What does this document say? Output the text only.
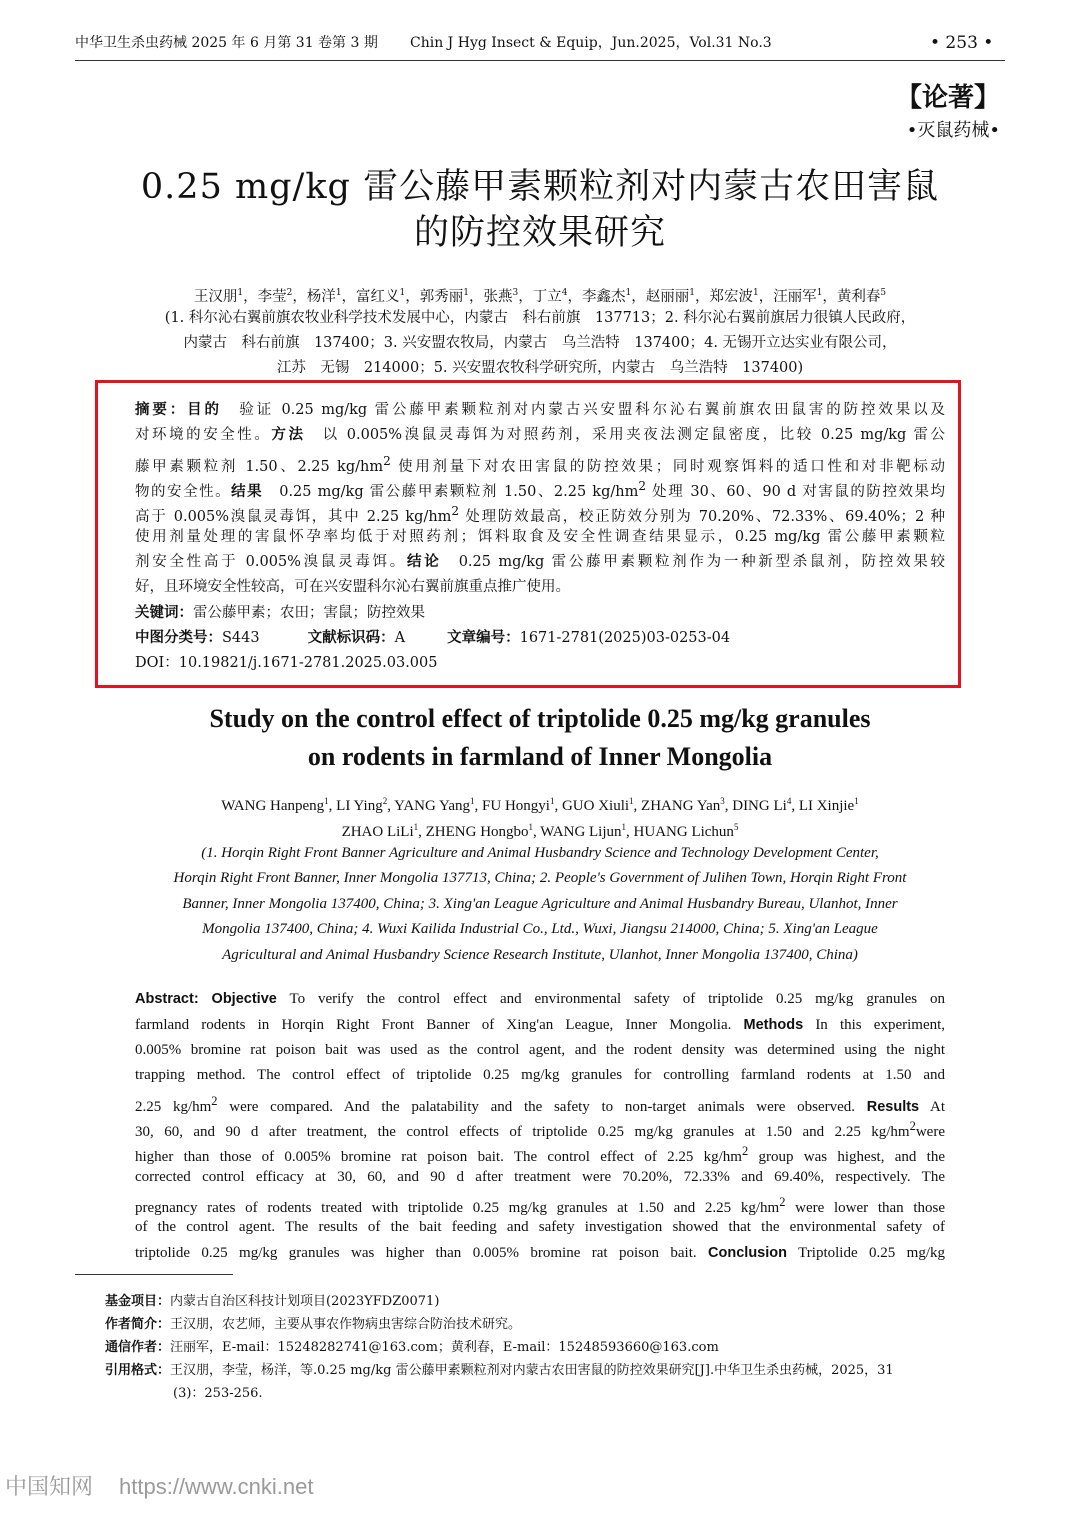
中华卫生杀虫药械 2025 年 6 月第 31 卷第 3 期 Chin J Hyg Insect & Equip，Jun.2025，Vol.31 No.3	• 253 •
【论著】
•灭鼠药械•
0.25 mg/kg 雷公藤甲素颗粒剂对内蒙古农田害鼠
的防控效果研究
王汉朋$^1$，李莹$^2$，杨洋$^1$，富红义$^1$，郭秀丽$^1$，张燕$^3$，丁立$^4$，李鑫杰$^1$，赵丽丽$^1$，郑宏波$^1$，汪丽军$^1$，黄利春$^5$
(1. 科尔沁右翼前旗农牧业科学技术发展中心，内蒙古　科右前旗　137713；2. 科尔沁右翼前旗居力很镇人民政府，
内蒙古　科右前旗　137400；3. 兴安盟农牧局，内蒙古　乌兰浩特　137400；4. 无锡开立达实业有限公司，
江苏　无锡　214000；5. 兴安盟农牧科学研究所，内蒙古　乌兰浩特　137400)
摘要：目的　 验证 0.25 mg/kg 雷公藤甲素颗粒剂对内蒙古兴安盟科尔沁右翼前旗农田鼠害的防控效果以及
对环境的安全性。方法　 以 0.005%溴鼠灵毒饵为对照药剂，采用夹夜法测定鼠密度，比较 0.25 mg/kg 雷公
藤甲素颗粒剂 1.50、2.25 $kg/hm^2$ 使用剂量下对农田害鼠的防控效果；同时观察饵料的适口性和对非靶标动
物的安全性。结果　 0.25 mg/kg 雷公藤甲素颗粒剂 1.50、2.25 $kg/hm^2$ 处理 30、60、90 d 对害鼠的防控效果均
高于 0.005%溴鼠灵毒饵，其中 2.25 $kg/hm^2$ 处理防效最高，校正防效分别为 70.20%、72.33%、69.40%；2 种
使用剂量处理的害鼠怀孕率均低于对照药剂；饵料取食及安全性调查结果显示，0.25 mg/kg 雷公藤甲素颗粒
剂安全性高于 0.005%溴鼠灵毒饵。结论　 0.25 mg/kg 雷公藤甲素颗粒剂作为一种新型杀鼠剂，防控效果较
好，且环境安全性较高，可在兴安盟科尔沁右翼前旗重点推广使用。
关键词：雷公藤甲素；农田；害鼠；防控效果
中图分类号：S443	文献标识码：A	文章编号：1671-2781(2025)03-0253-04
DOI：10.19821/j.1671-2781.2025.03.005
Study on the control effect of triptolide 0.25 mg/kg granules
on rodents in farmland of Inner Mongolia
WANG Hanpeng$^1$, LI Ying$^2$, YANG Yang$^1$, FU Hongyi$^1$, GUO Xiuli$^1$, ZHANG Yan$^3$, DING Li$^4$, LI Xinjie$^1$
ZHAO LiLi$^1$, ZHENG Hongbo$^1$, WANG Lijun$^1$, HUANG Lichun$^5$
(1. Horqin Right Front Banner Agriculture and Animal Husbandry Science and Technology Development Center,
Horqin Right Front Banner, Inner Mongolia 137713, China; 2. People's Government of Julihen Town, Horqin Right Front
Banner, Inner Mongolia 137400, China; 3. Xing'an League Agriculture and Animal Husbandry Bureau, Ulanhot, Inner
Mongolia 137400, China; 4. Wuxi Kailida Industrial Co., Ltd., Wuxi, Jiangsu 214000, China; 5. Xing'an League
Agricultural and Animal Husbandry Science Research Institute, Ulanhot, Inner Mongolia 137400, China)
Abstract: Objective To verify the control effect and environmental safety of triptolide 0.25 mg/kg granules on
farmland rodents in Horqin Right Front Banner of Xing'an League, Inner Mongolia. Methods In this experiment,
0.005% bromine rat poison bait was used as the control agent, and the rodent density was determined using the night
trapping method. The control effect of triptolide 0.25 mg/kg granules for controlling farmland rodents at 1.50 and
2.25 $kg/hm^2$ were compared. And the palatability and the safety to non-target animals were observed. Results At
30, 60, and 90 d after treatment, the control effects of triptolide 0.25 mg/kg granules at 1.50 and 2.25 $kg/hm^2were$
higher than those of 0.005% bromine rat poison bait. The control effect of 2.25 $kg/hm^2$ group was highest, and the
corrected control efficacy at 30, 60, and 90 d after treatment were 70.20%, 72.33% and 69.40%, respectively. The
pregnancy rates of rodents treated with triptolide 0.25 mg/kg granules at 1.50 and 2.25 $kg/hm^2$ were lower than those
of the control agent. The results of the bait feeding and safety investigation showed that the environmental safety of
triptolide 0.25 mg/kg granules was higher than 0.005% bromine rat poison bait. Conclusion Triptolide 0.25 mg/kg
基金项目：内蒙古自治区科技计划项目(2023YFDZ0071)
作者简介：王汉朋，农艺师，主要从事农作物病虫害综合防治技术研究。
通信作者：汪丽军，E-mail：15248282741@163.com；黄利春，E-mail：15248593660@163.com
引用格式：王汉朋，李莹，杨洋，等.0.25 mg/kg 雷公藤甲素颗粒剂对内蒙古农田害鼠的防控效果研究[J].中华卫生杀虫药械，2025，31
(3)：253-256.
中国知网 https://www.cnki.net
